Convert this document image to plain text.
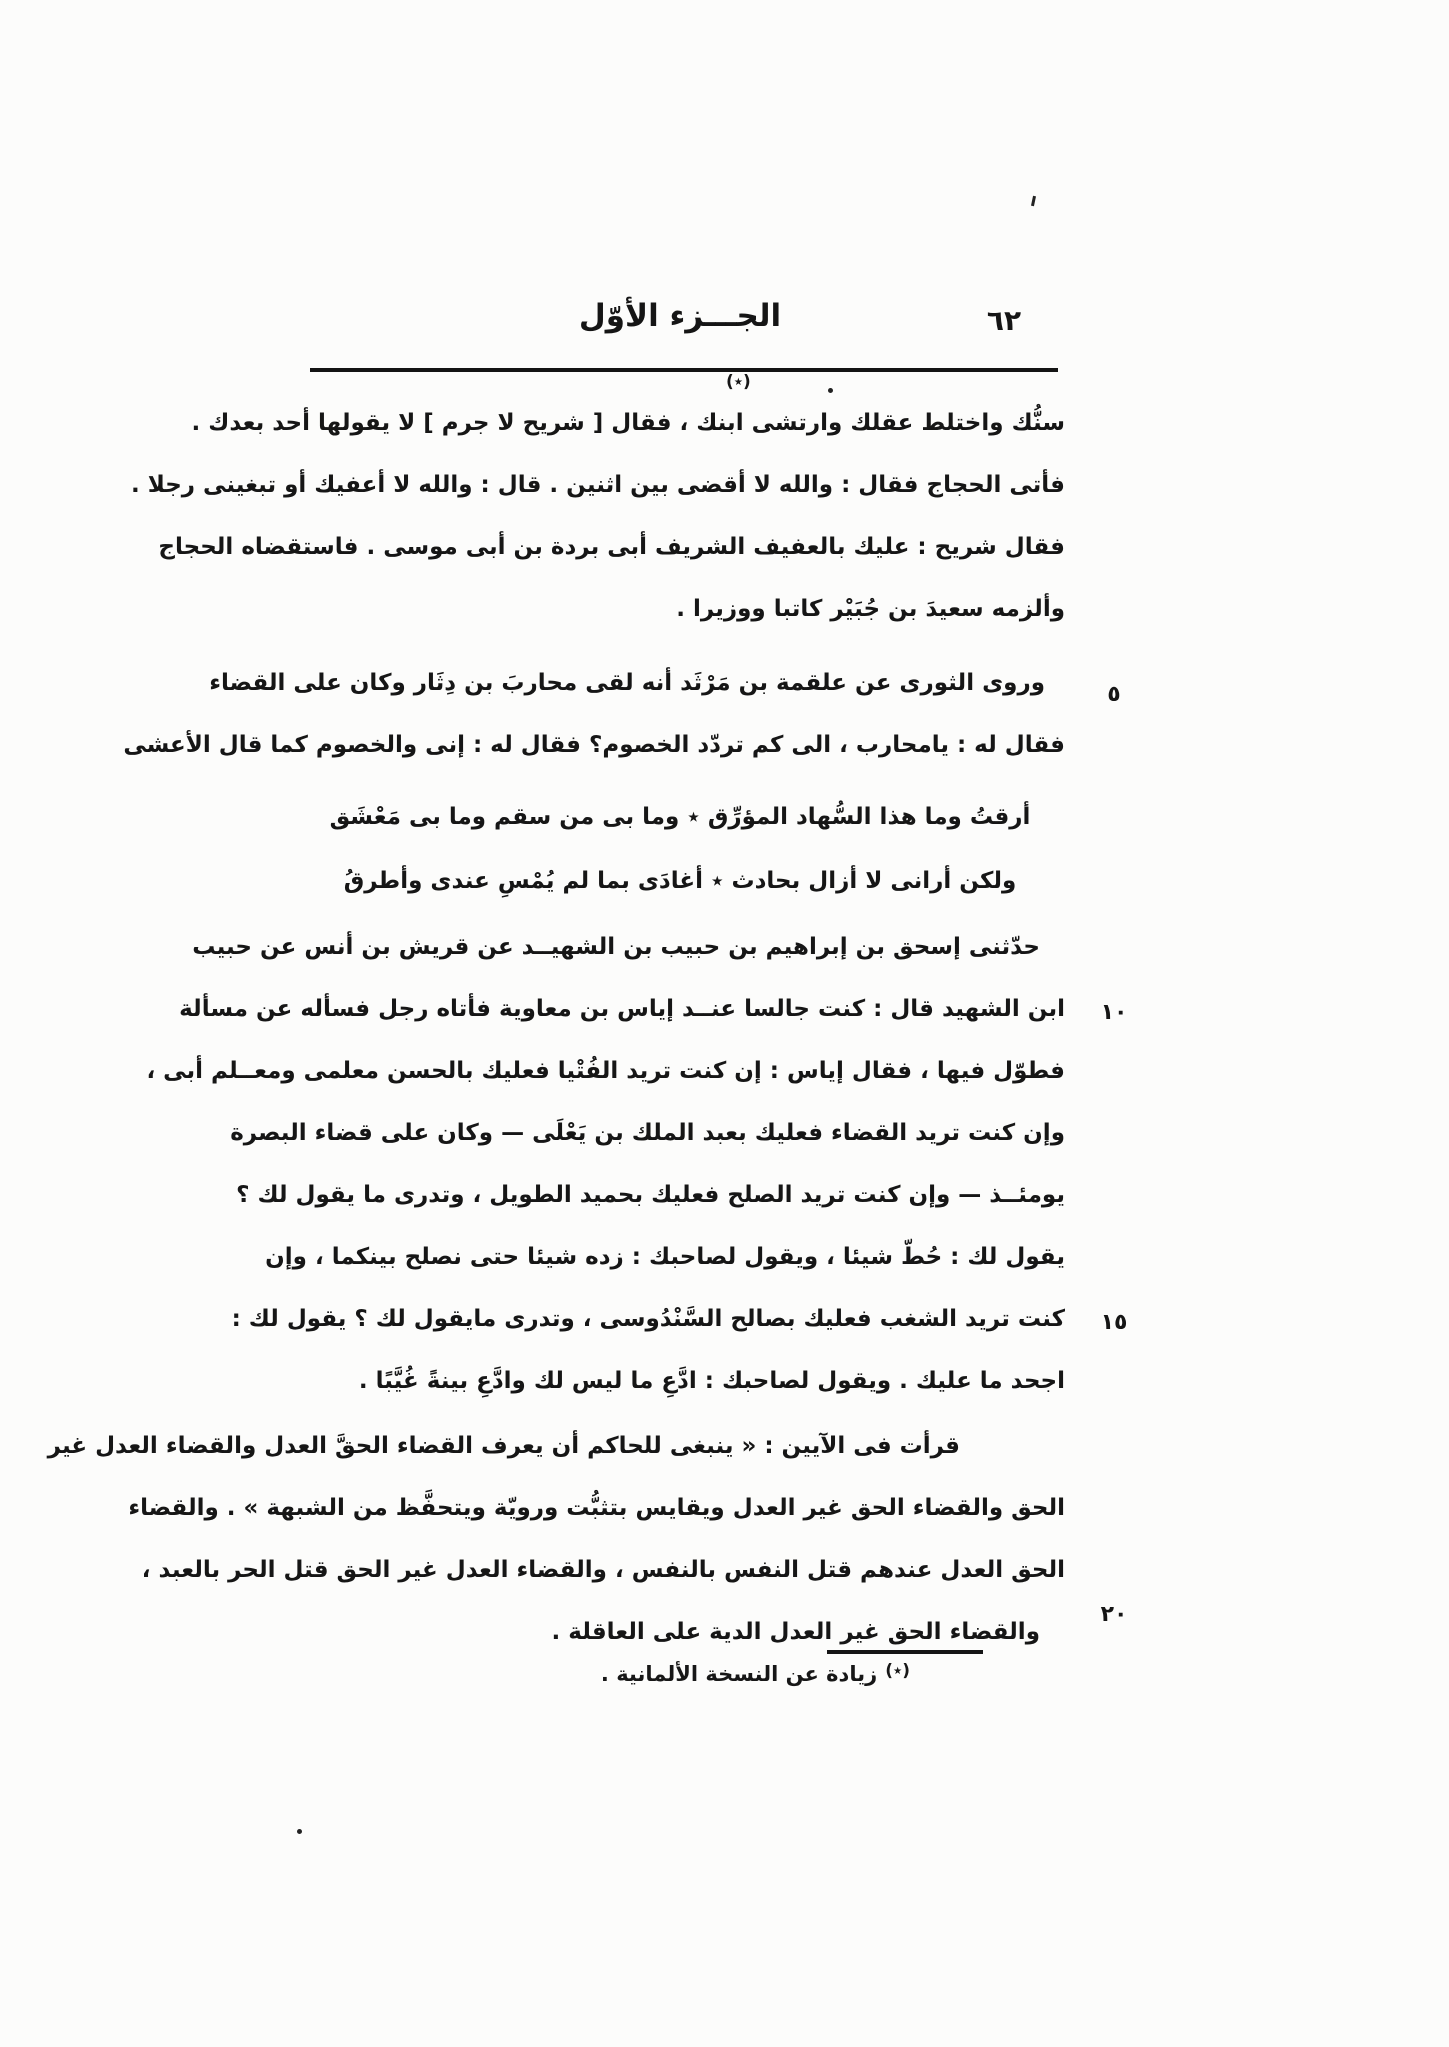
الجـــزء الأوّل	٦٢
(٭)
سنُّك واختلط عقلك وارتشى ابنك ، فقال [ شريح لا جرم ] لا يقولها أحد بعدك .
فأتى الحجاج فقال : والله لا أقضى بين اثنين . قال : والله لا أعفيك أو تبغينى رجلا .
فقال شريح : عليك بالعفيف الشريف أبى بردة بن أبى موسى . فاستقضاه الحجاج
وألزمه سعيدَ بن جُبَيْر كاتبا ووزيرا .
وروى الثورى عن علقمة بن مَرْثَد أنه لقى محاربَ بن دِثَار وكان على القضاء
فقال له : يامحارب ، الى كم تردّد الخصوم؟ فقال له : إنى والخصوم كما قال الأعشى
أرقتُ وما هذا السُّهاد المؤرِّق ٭ وما بى من سقم وما بى مَعْشَق
ولكن أرانى لا أزال بحادث ٭ أغادَى بما لم يُمْسِ عندى وأطرقُ
حدّثنى إسحق بن إبراهيم بن حبيب بن الشهيــد عن قريش بن أنس عن حبيب
ابن الشهيد قال : كنت جالسا عنــد إياس بن معاوية فأتاه رجل فسأله عن مسألة
فطوّل فيها ، فقال إياس : إن كنت تريد الفُتْيا فعليك بالحسن معلمى ومعــلم أبى ،
وإن كنت تريد القضاء فعليك بعبد الملك بن يَعْلَى — وكان على قضاء البصرة
يومئــذ — وإن كنت تريد الصلح فعليك بحميد الطويل ، وتدرى ما يقول لك ؟
يقول لك : حُطّ شيئا ، ويقول لصاحبك : زده شيئا حتى نصلح بينكما ، وإن
كنت تريد الشغب فعليك بصالح السَّنْدُوسى ، وتدرى مايقول لك ؟ يقول لك :
اجحد ما عليك . ويقول لصاحبك : ادَّعِ ما ليس لك وادَّعِ بينةً غُيَّبًا .
قرأت فى الآيين : « ينبغى للحاكم أن يعرف القضاء الحقَّ العدل والقضاء العدل غير
الحق والقضاء الحق غير العدل ويقايس بتثبُّت ورويّة ويتحفَّظ من الشبهة » . والقضاء
الحق العدل عندهم قتل النفس بالنفس ، والقضاء العدل غير الحق قتل الحر بالعبد ،
والقضاء الحق غير العدل الدية على العاقلة .
٥
١٠
١٥
٢٠
(٭)زيادة عن النسخة الألمانية .
